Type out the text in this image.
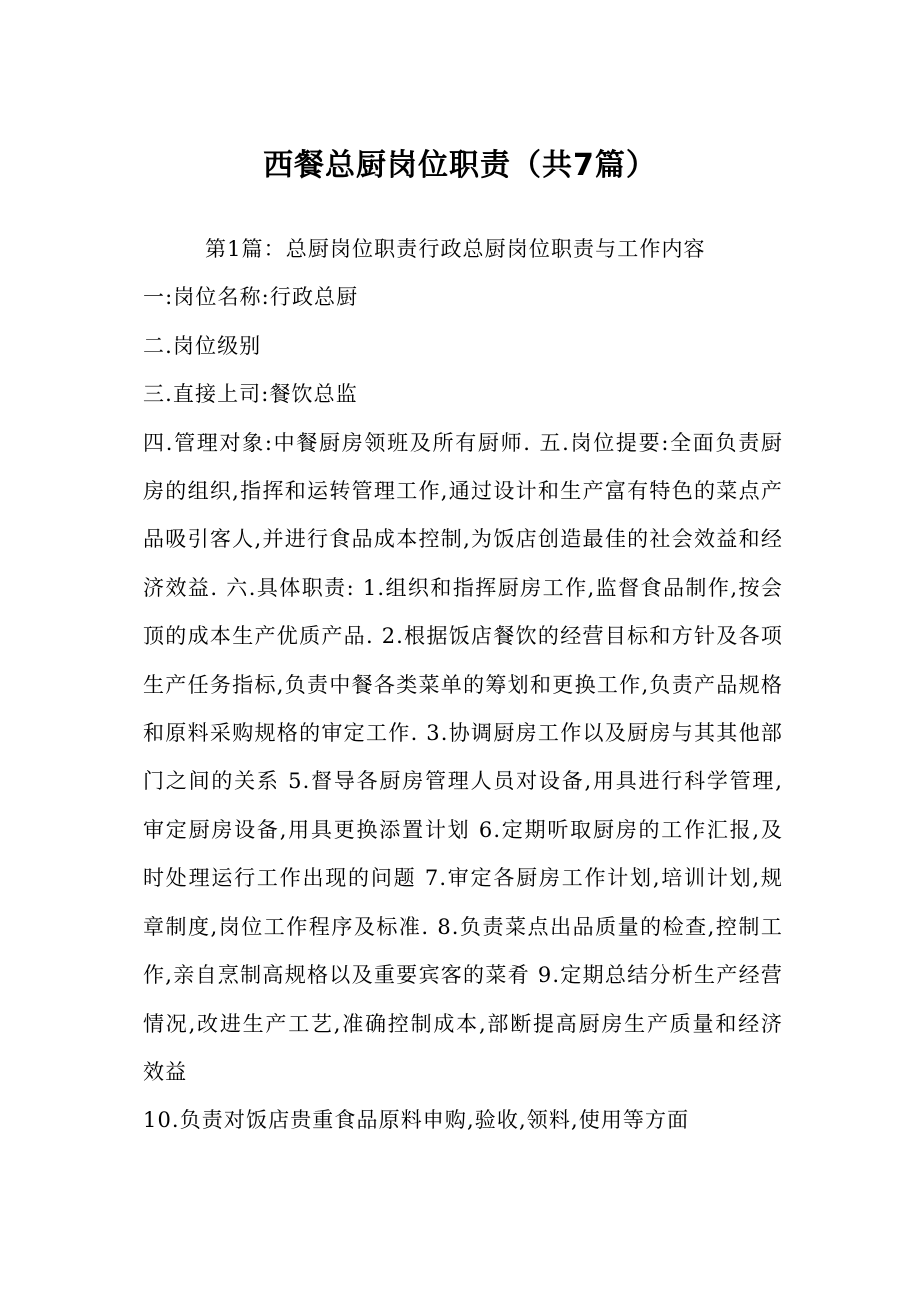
西餐总厨岗位职责（共7篇）

第1篇：总厨岗位职责行政总厨岗位职责与工作内容

一:岗位名称:行政总厨

二.岗位级别

三.直接上司:餐饮总监

四.管理对象:中餐厨房领班及所有厨师. 五.岗位提要:全面负责厨房的组织,指挥和运转管理工作,通过设计和生产富有特色的菜点产品吸引客人,并进行食品成本控制,为饭店创造最佳的社会效益和经济效益. 六.具体职责: 1.组织和指挥厨房工作,监督食品制作,按会顶的成本生产优质产品. 2.根据饭店餐饮的经营目标和方针及各项生产任务指标,负责中餐各类菜单的筹划和更换工作,负责产品规格和原料采购规格的审定工作. 3.协调厨房工作以及厨房与其其他部门之间的关系 5.督导各厨房管理人员对设备,用具进行科学管理,审定厨房设备,用具更换添置计划 6.定期听取厨房的工作汇报,及时处理运行工作出现的问题 7.审定各厨房工作计划,培训计划,规章制度,岗位工作程序及标准. 8.负责菜点出品质量的检查,控制工作,亲自烹制高规格以及重要宾客的菜肴 9.定期总结分析生产经营情况,改进生产工艺,准确控制成本,部断提高厨房生产质量和经济效益

10.负责对饭店贵重食品原料申购,验收,领料,使用等方面
